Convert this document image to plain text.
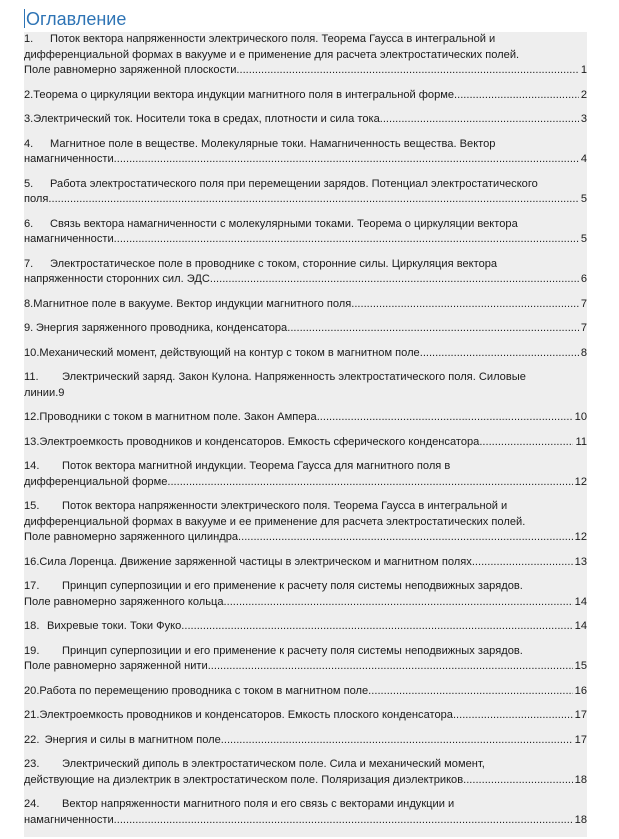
Оглавление
1. Поток вектора напряженности электрического поля. Теорема Гаусса в интегральной и
дифференциальной формах в вакууме и е применение для расчета электростатических полей.
Поле равномерно заряженной плоскости. .....	1
2. Теорема о циркуляции вектора индукции магнитного поля в интегральной форме. .....	2
3. Электрический ток. Носители тока в средах, плотности и сила тока. .....	3
4. Магнитное поле в веществе. Молекулярные токи. Намагниченность вещества. Вектор
намагниченности. .....	4
5. Работа электростатического поля при перемещении зарядов. Потенциал электростатического
поля. .....	5
6. Связь вектора намагниченности с молекулярными токами. Теорема о циркуляции вектора
намагниченности. .....	5
7. Электростатическое поле в проводнике с током, сторонние силы. Циркуляция вектора
напряженности сторонних сил. ЭДС. .....	6
8. Магнитное поле в вакууме. Вектор индукции магнитного поля. .....	7
9. Энергия заряженного проводника, конденсатора .....	7
10. Механический момент, действующий на контур с током в магнитном поле. .....	8
11. Электрический заряд. Закон Кулона. Напряженность электростатического поля. Силовые
линии. 9
12. Проводники с током в магнитном поле. Закон Ампера. .....	10
13. Электроемкость проводников и конденсаторов. Емкость сферического конденсатора .....	11
14. Поток вектора магнитной индукции. Теорема Гаусса для магнитного поля в
дифференциальной форме. .....	12
15. Поток вектора напряженности электрического поля. Теорема Гаусса в интегральной и
дифференциальной формах в вакууме и ее применение для расчета электростатических полей.
Поле равномерно заряженного цилиндра. .....	12
16. Сила Лоренца. Движение заряженной частицы в электрическом и магнитном полях. .....	13
17. Принцип суперпозиции и его применение к расчету поля системы неподвижных зарядов.
Поле равномерно заряженного кольца. .....	14
18. Вихревые токи. Токи Фуко. .....	14
19. Принцип суперпозиции и его применение к расчету поля системы неподвижных зарядов.
Поле равномерно заряженной нити. .....	15
20. Работа по перемещению проводника с током в магнитном поле. .....	16
21. Электроемкость проводников и конденсаторов. Емкость плоского конденсатора .....	17
22. Энергия и силы в магнитном поле. .....	17
23. Электрический диполь в электростатическом поле. Сила и механический момент,
действующие на диэлектрик в электростатическом поле. Поляризация диэлектриков. .....	18
24. Вектор напряженности магнитного поля и его связь с векторами индукции и
намагниченности. .....	18
